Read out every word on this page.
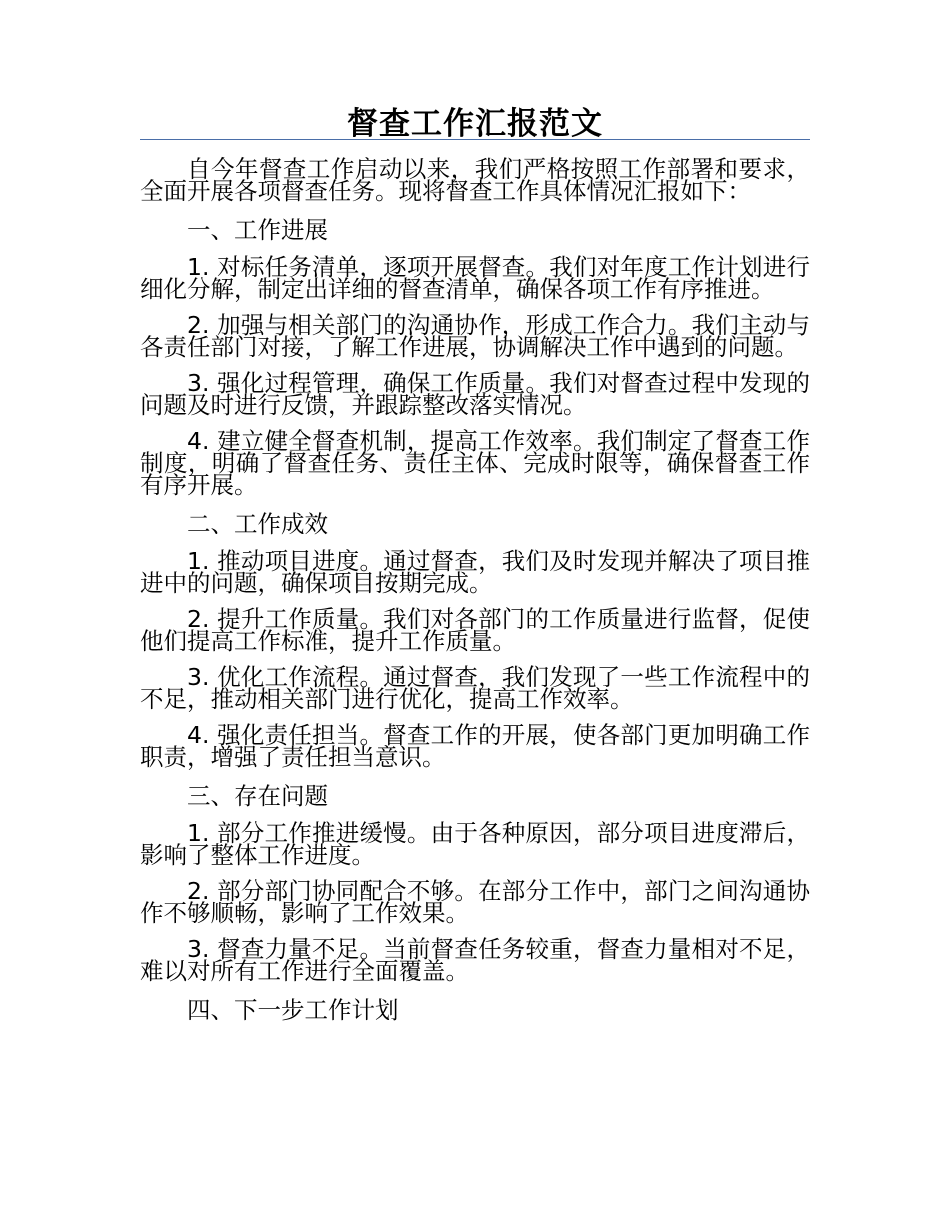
督查工作汇报范文

自今年督查工作启动以来，我们严格按照工作部署和要求，全面开展各项督查任务。现将督查工作具体情况汇报如下：

一、工作进展

1. 对标任务清单，逐项开展督查。我们对年度工作计划进行细化分解，制定出详细的督查清单，确保各项工作有序推进。

2. 加强与相关部门的沟通协作，形成工作合力。我们主动与各责任部门对接，了解工作进展，协调解决工作中遇到的问题。

3. 强化过程管理，确保工作质量。我们对督查过程中发现的问题及时进行反馈，并跟踪整改落实情况。

4. 建立健全督查机制，提高工作效率。我们制定了督查工作制度，明确了督查任务、责任主体、完成时限等，确保督查工作有序开展。

二、工作成效

1. 推动项目进度。通过督查，我们及时发现并解决了项目推进中的问题，确保项目按期完成。

2. 提升工作质量。我们对各部门的工作质量进行监督，促使他们提高工作标准，提升工作质量。

3. 优化工作流程。通过督查，我们发现了一些工作流程中的不足，推动相关部门进行优化，提高工作效率。

4. 强化责任担当。督查工作的开展，使各部门更加明确工作职责，增强了责任担当意识。

三、存在问题

1. 部分工作推进缓慢。由于各种原因，部分项目进度滞后，影响了整体工作进度。

2. 部分部门协同配合不够。在部分工作中，部门之间沟通协作不够顺畅，影响了工作效果。

3. 督查力量不足。当前督查任务较重，督查力量相对不足，难以对所有工作进行全面覆盖。

四、下一步工作计划
